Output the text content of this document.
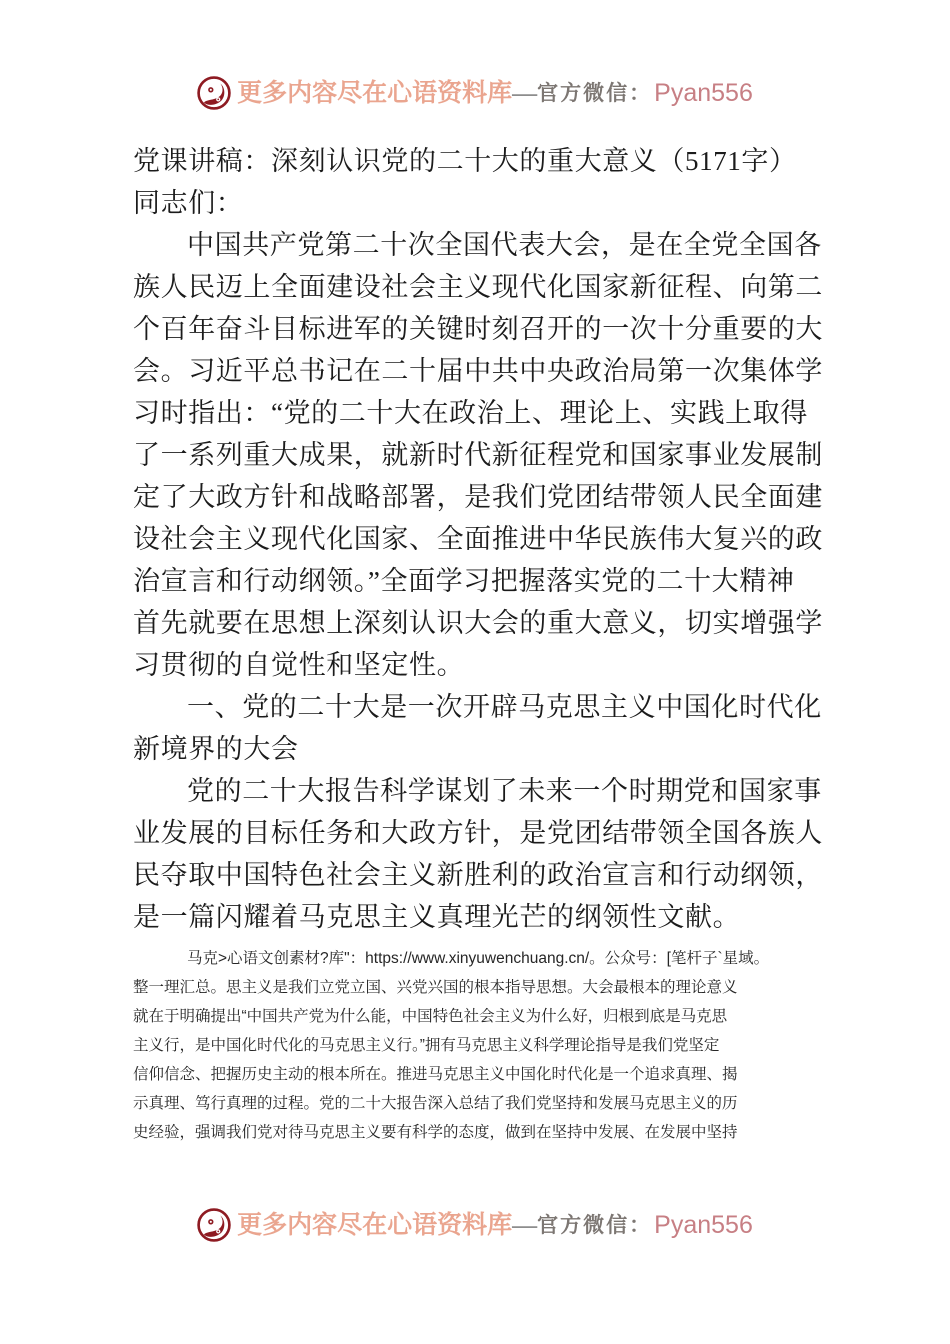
更多内容尽在心语资料库 — 官方微信： Pyan556
党课讲稿：深刻认识党的二十大的重大意义（5171字）
同志们：
中国共产党第二十次全国代表大会，是在全党全国各
族人民迈上全面建设社会主义现代化国家新征程、向第二
个百年奋斗目标进军的关键时刻召开的一次十分重要的大
会。习近平总书记在二十届中共中央政治局第一次集体学
习时指出：“党的二十大在政治上、理论上、实践上取得
了一系列重大成果，就新时代新征程党和国家事业发展制
定了大政方针和战略部署，是我们党团结带领人民全面建
设社会主义现代化国家、全面推进中华民族伟大复兴的政
治宣言和行动纲领。”全面学习把握落实党的二十大精神
首先就要在思想上深刻认识大会的重大意义，切实增强学
习贯彻的自觉性和坚定性。
一、党的二十大是一次开辟马克思主义中国化时代化
新境界的大会
党的二十大报告科学谋划了未来一个时期党和国家事
业发展的目标任务和大政方针，是党团结带领全国各族人
民夺取中国特色社会主义新胜利的政治宣言和行动纲领，
是一篇闪耀着马克思主义真理光芒的纲领性文献。
马克>心语文创素材?库"：https://www.xinyuwenchuang.cn/。公众号：[笔杆子`星域。
整一理汇总。思主义是我们立党立国、兴党兴国的根本指导思想。大会最根本的理论意义
就在于明确提出“中国共产党为什么能，中国特色社会主义为什么好，归根到底是马克思
主义行，是中国化时代化的马克思主义行。”拥有马克思主义科学理论指导是我们党坚定
信仰信念、把握历史主动的根本所在。推进马克思主义中国化时代化是一个追求真理、揭
示真理、笃行真理的过程。党的二十大报告深入总结了我们党坚持和发展马克思主义的历
史经验，强调我们党对待马克思主义要有科学的态度，做到在坚持中发展、在发展中坚持
更多内容尽在心语资料库 — 官方微信： Pyan556
